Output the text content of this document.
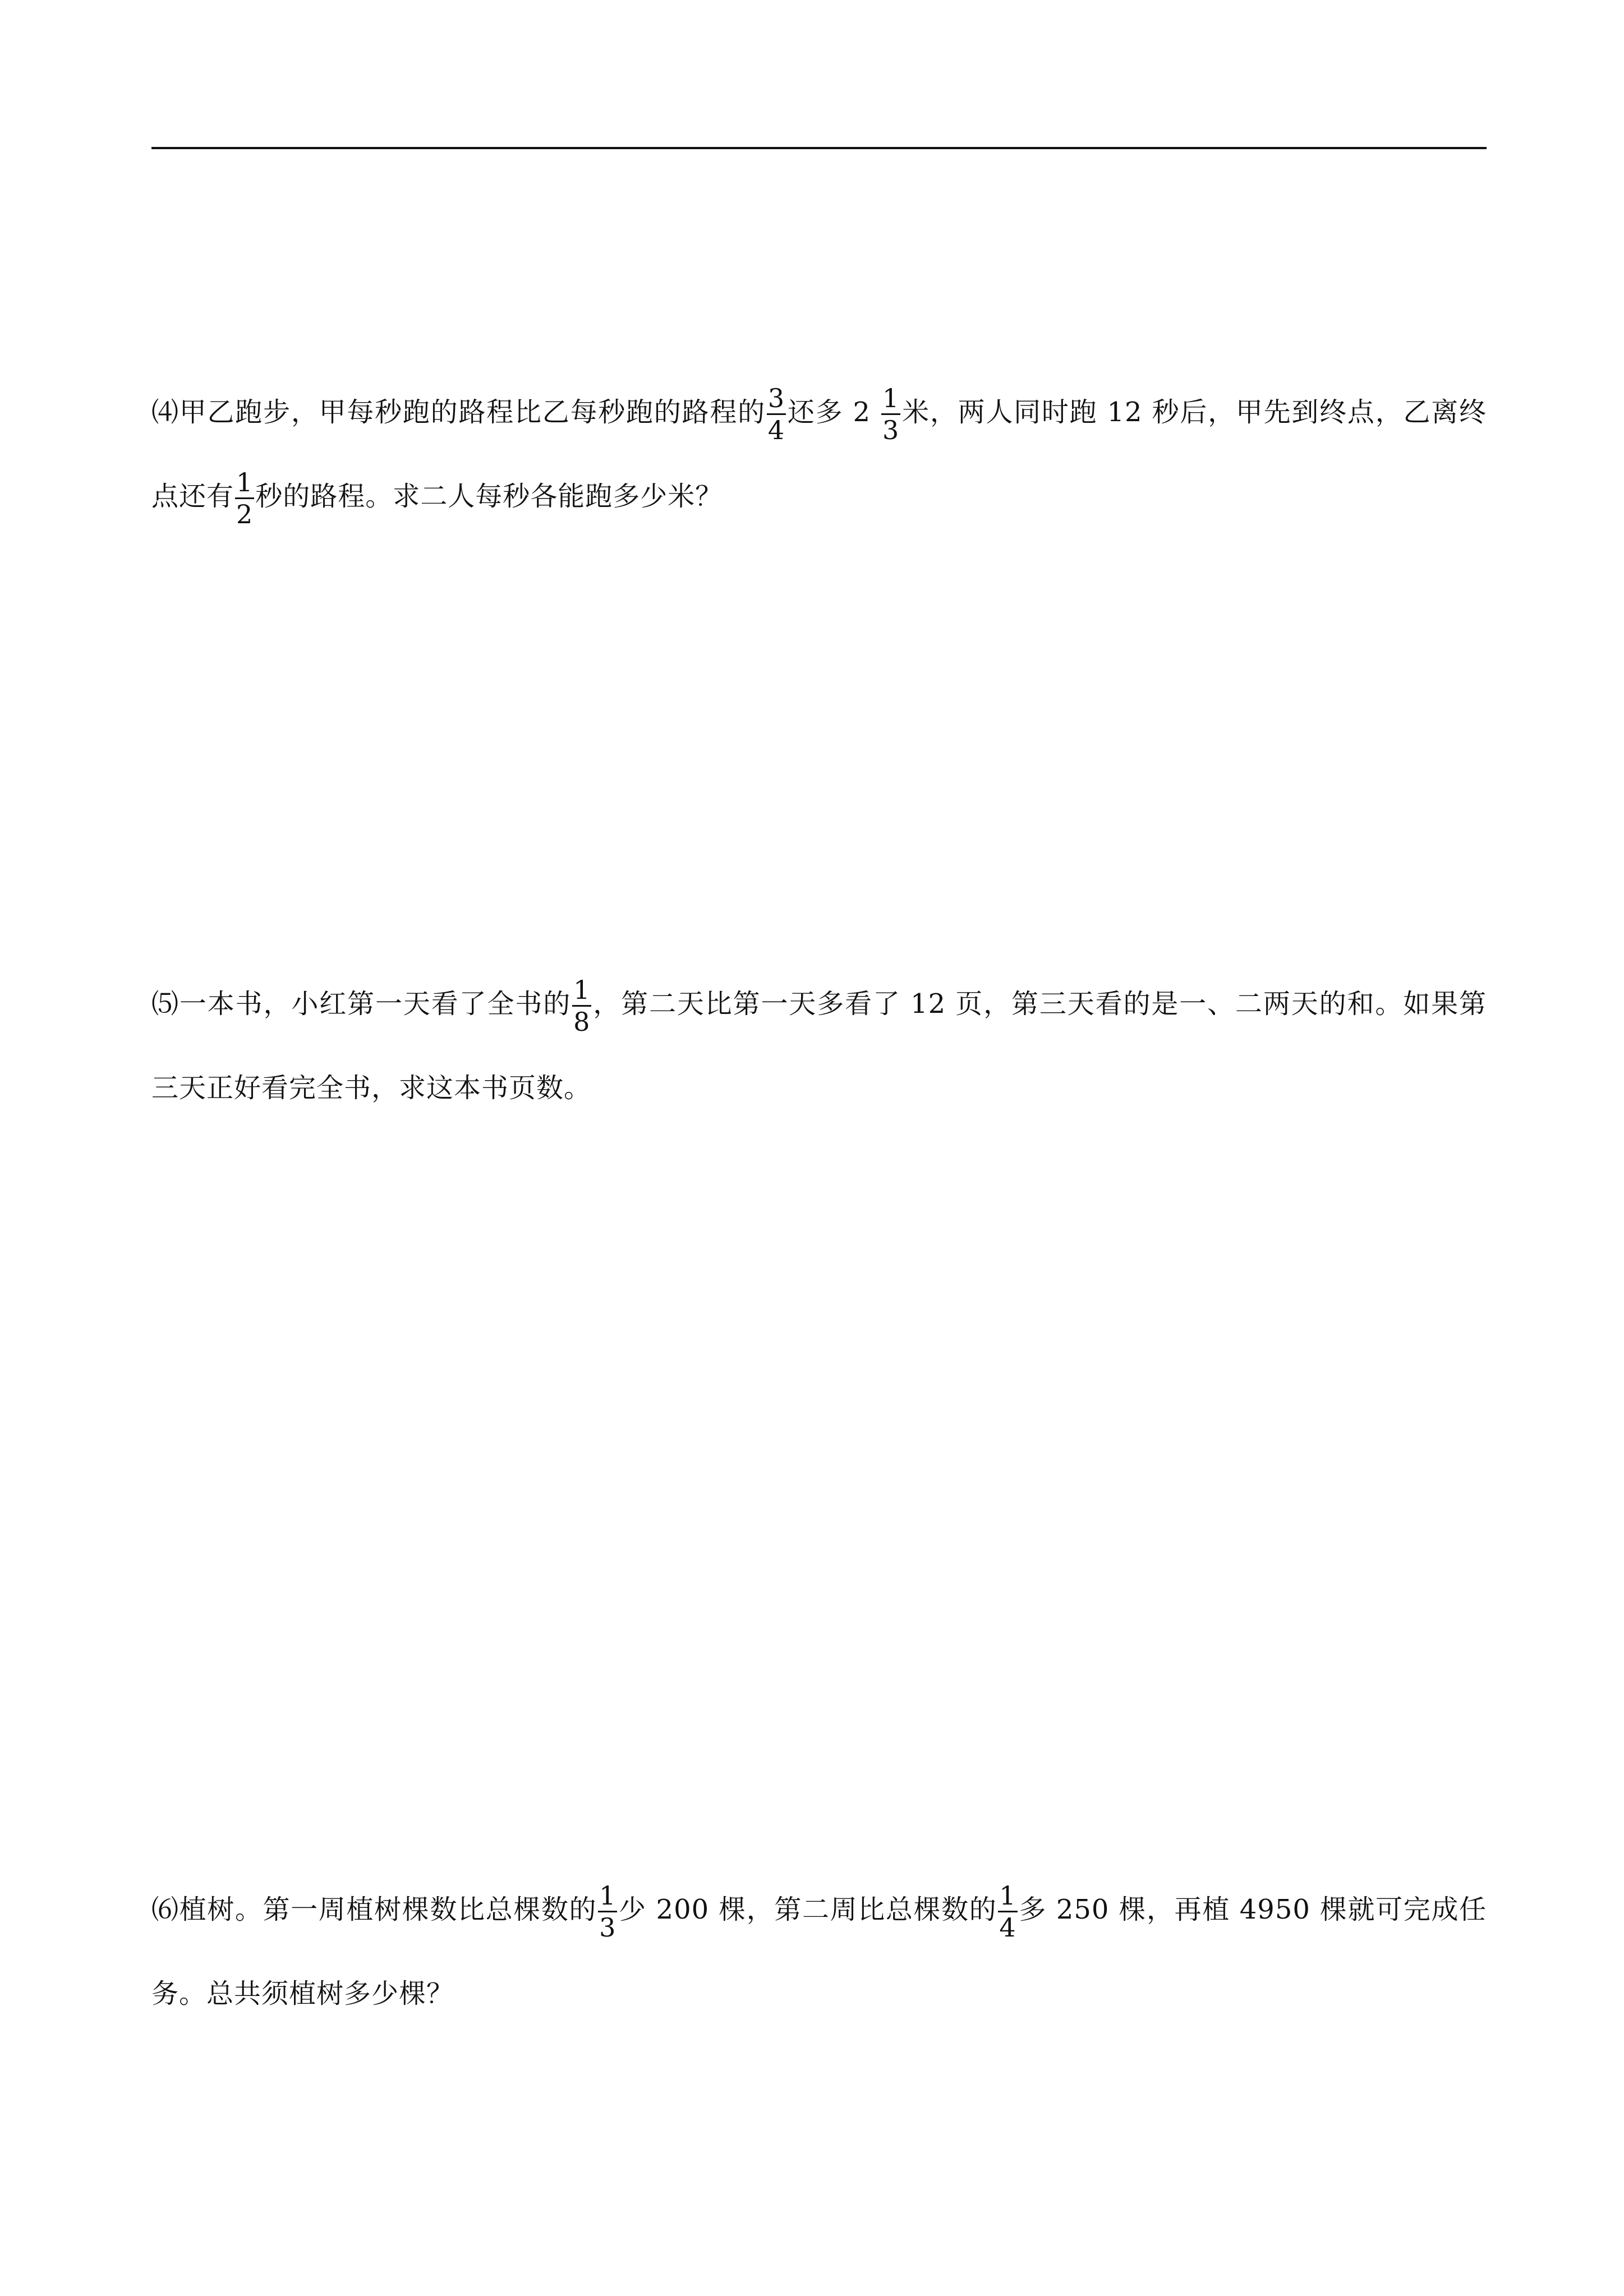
⑷甲乙跑步，甲每秒跑的路程比乙每秒跑的路程的 $\frac{3}{4}$ 还多 $2 \frac{1}{3}$ 米，两人同时跑 12 秒后，甲先到终点，乙离终点还有 $\frac{1}{2}$ 秒的路程。求二人每秒各能跑多少米？
⑸一本书，小红第一天看了全书的 $\frac{1}{8}$ ，第二天比第一天多看了 12 页，第三天看的是一、二两天的和。如果第三天正好看完全书，求这本书页数。
⑹植树。第一周植树棵数比总棵数的 $\frac{1}{3}$ 少 200 棵，第二周比总棵数的 $\frac{1}{4}$ 多 250 棵，再植 4950 棵就可完成任务。总共须植树多少棵？
